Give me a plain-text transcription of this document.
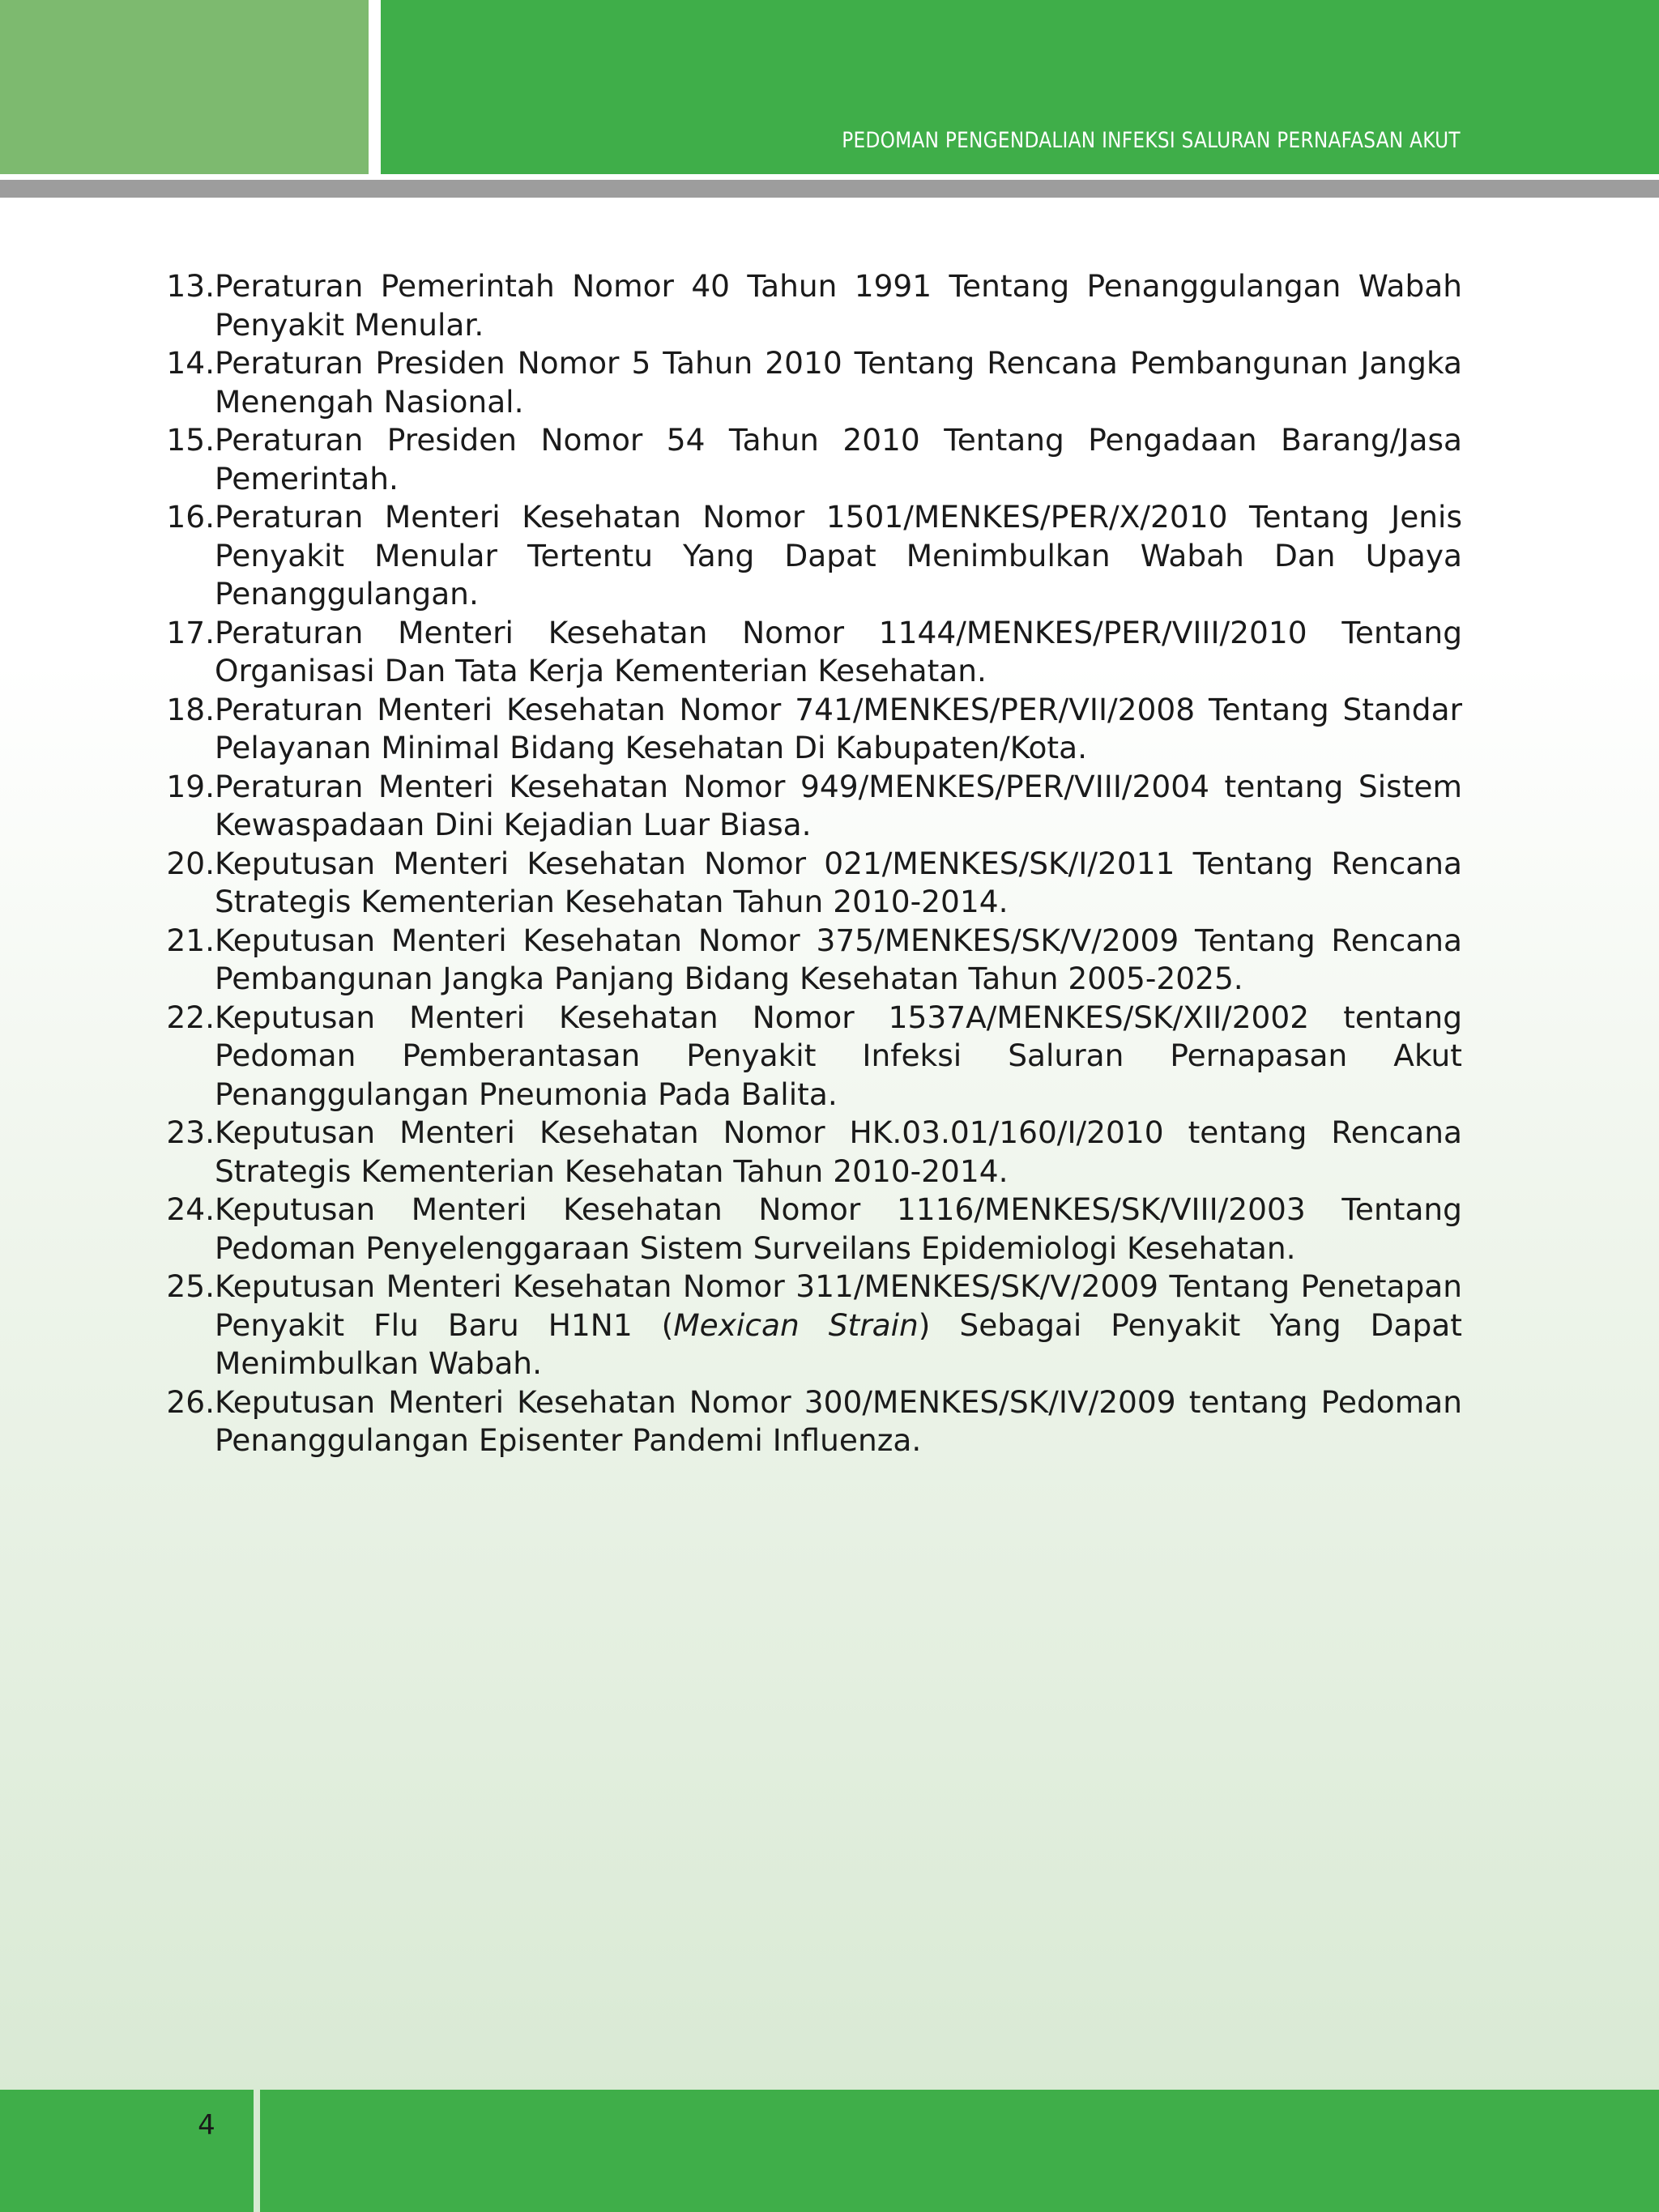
PEDOMAN PENGENDALIAN INFEKSI SALURAN PERNAFASAN AKUT
13. Peraturan Pemerintah Nomor 40 Tahun 1991 Tentang Penanggulangan Wabah Penyakit Menular.
14. Peraturan Presiden Nomor 5 Tahun 2010 Tentang Rencana Pembangunan Jangka Menengah Nasional.
15. Peraturan Presiden Nomor 54 Tahun 2010 Tentang Pengadaan Barang/Jasa Pemerintah.
16. Peraturan Menteri Kesehatan Nomor 1501/MENKES/PER/X/2010 Tentang Jenis Penyakit Menular Tertentu Yang Dapat Menimbulkan Wabah Dan Upaya Penanggulangan.
17. Peraturan Menteri Kesehatan Nomor 1144/MENKES/PER/VIII/2010 Tentang Organisasi Dan Tata Kerja Kementerian Kesehatan.
18. Peraturan Menteri Kesehatan Nomor 741/MENKES/PER/VII/2008 Tentang Standar Pelayanan Minimal Bidang Kesehatan Di Kabupaten/Kota.
19. Peraturan Menteri Kesehatan Nomor 949/MENKES/PER/VIII/2004 tentang Sistem Kewaspadaan Dini Kejadian Luar Biasa.
20. Keputusan Menteri Kesehatan Nomor 021/MENKES/SK/I/2011 Tentang Rencana Strategis Kementerian Kesehatan Tahun 2010-2014.
21. Keputusan Menteri Kesehatan Nomor 375/MENKES/SK/V/2009 Tentang Rencana Pembangunan Jangka Panjang Bidang Kesehatan Tahun 2005-2025.
22. Keputusan Menteri Kesehatan Nomor 1537A/MENKES/SK/XII/2002 tentang Pedoman Pemberantasan Penyakit Infeksi Saluran Pernapasan Akut Penanggulangan Pneumonia Pada Balita.
23. Keputusan Menteri Kesehatan Nomor HK.03.01/160/I/2010 tentang Rencana Strategis Kementerian Kesehatan Tahun 2010-2014.
24. Keputusan Menteri Kesehatan Nomor 1116/MENKES/SK/VIII/2003 Tentang Pedoman Penyelenggaraan Sistem Surveilans Epidemiologi Kesehatan.
25. Keputusan Menteri Kesehatan Nomor 311/MENKES/SK/V/2009 Tentang Penetapan Penyakit Flu Baru H1N1 (Mexican Strain) Sebagai Penyakit Yang Dapat Menimbulkan Wabah.
26. Keputusan Menteri Kesehatan Nomor 300/MENKES/SK/IV/2009 tentang Pedoman Penanggulangan Episenter Pandemi Influenza.
4
